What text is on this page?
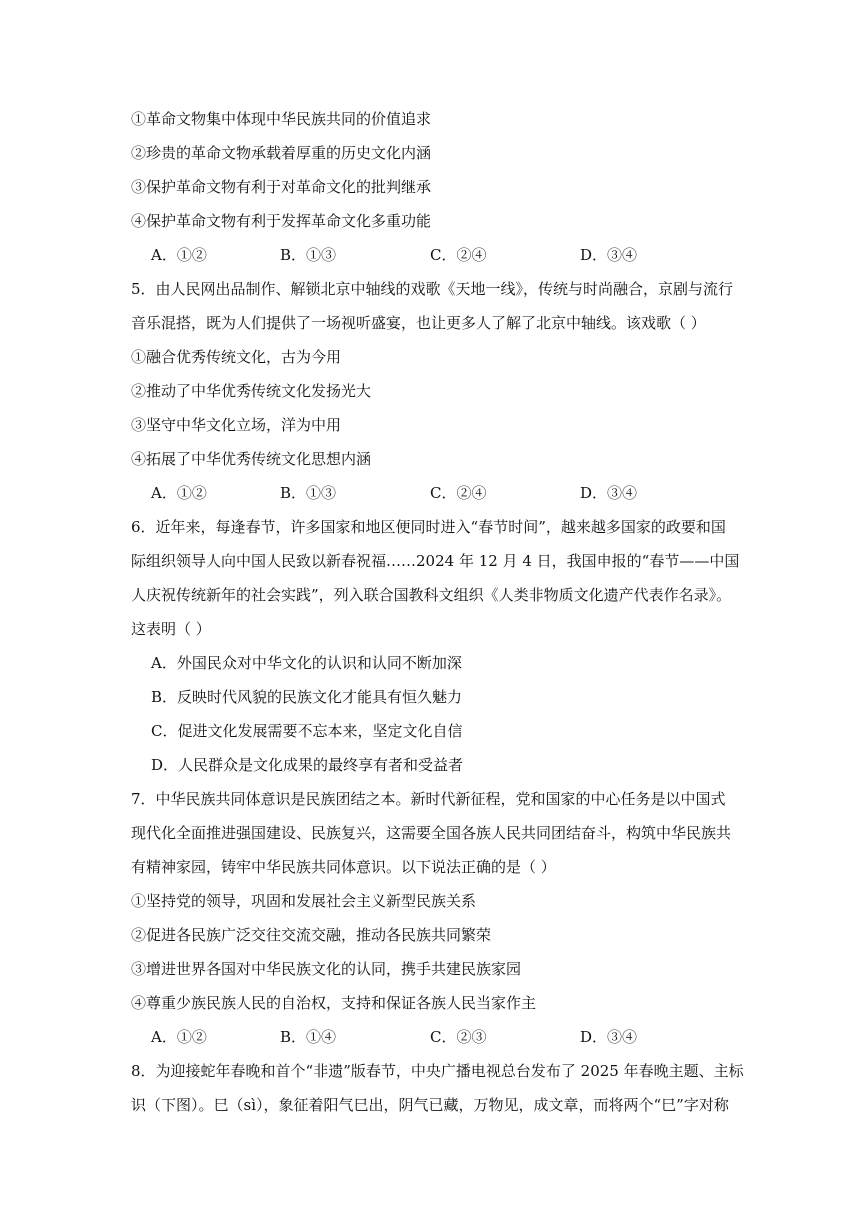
①革命文物集中体现中华民族共同的价值追求
②珍贵的革命文物承载着厚重的历史文化内涵
③保护革命文物有利于对革命文化的批判继承
④保护革命文物有利于发挥革命文化多重功能
A．①②	B．①③	C．②④	D．③④
5．由人民网出品制作、解锁北京中轴线的戏歌《天地一线》，传统与时尚融合，京剧与流行
音乐混搭，既为人们提供了一场视听盛宴，也让更多人了解了北京中轴线。该戏歌（ ）
①融合优秀传统文化，古为今用
②推动了中华优秀传统文化发扬光大
③坚守中华文化立场，洋为中用
④拓展了中华优秀传统文化思想内涵
A．①②	B．①③	C．②④	D．③④
6．近年来，每逢春节，许多国家和地区便同时进入“春节时间”，越来越多国家的政要和国
际组织领导人向中国人民致以新春祝福……2024 年 12 月 4 日，我国申报的“春节——中国
人庆祝传统新年的社会实践”，列入联合国教科文组织《人类非物质文化遗产代表作名录》。
这表明（ ）
A．外国民众对中华文化的认识和认同不断加深
B．反映时代风貌的民族文化才能具有恒久魅力
C．促进文化发展需要不忘本来，坚定文化自信
D．人民群众是文化成果的最终享有者和受益者
7．中华民族共同体意识是民族团结之本。新时代新征程，党和国家的中心任务是以中国式
现代化全面推进强国建设、民族复兴，这需要全国各族人民共同团结奋斗，构筑中华民族共
有精神家园，铸牢中华民族共同体意识。以下说法正确的是（ ）
①坚持党的领导，巩固和发展社会主义新型民族关系
②促进各民族广泛交往交流交融，推动各民族共同繁荣
③增进世界各国对中华民族文化的认同，携手共建民族家园
④尊重少族民族人民的自治权，支持和保证各族人民当家作主
A．①②	B．①④	C．②③	D．③④
8．为迎接蛇年春晚和首个“非遗”版春节，中央广播电视总台发布了 2025 年春晚主题、主标
识（下图）。巳（sì），象征着阳气巳出，阴气已藏，万物见，成文章，而将两个“巳”字对称
